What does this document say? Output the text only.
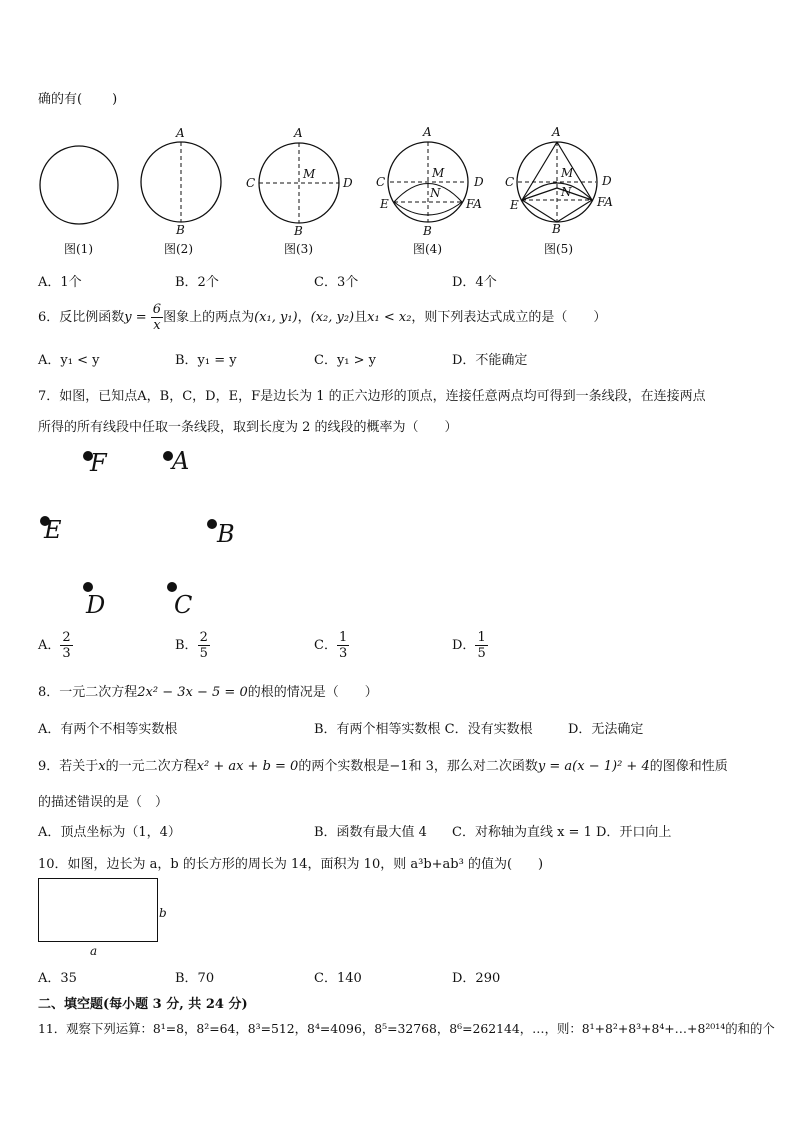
确的有( )
A
B
A
C
M
D
B
A
C
M
D
N
E	FA
B
A
C
M
D
N
E	FA
B
图(1)	图(2)	图(3)	图(4)	图(5)
A．1个	B．2个	C．3个	D．4个
6．反比例函数$y = \frac{6}{x}$ 图象上的两点为(x₁, y₁)，(x₂, y₂)且x₁ < x₂，则下列表达式成立的是（　　）
A．y₁ < y	B．y₁ = y	C．y₁ > y	D．不能确定
7．如图，已知点A，B，C，D，E，F是边长为 1 的正六边形的顶点，连接任意两点均可得到一条线段，在连接两点
所得的所有线段中任取一条线段，取到长度为 2 的线段的概率为（　　）
F	A
E	B
D	C
A． $\frac{2}{3}$	B． $\frac{2}{5}$	C． $\frac{1}{3}$	D． $\frac{1}{5}$
8．一元二次方程2x² − 3x − 5 = 0的根的情况是（　　）
A．有两个不相等实数根	B．有两个相等实数根 C．没有实数根	D．无法确定
9．若关于x的一元二次方程x² + ax + b = 0的两个实数根是−1和 3，那么对二次函数y = a(x − 1)² + 4的图像和性质
的描述错误的是（　）
A．顶点坐标为（1，4）	B．函数有最大值 4 C．对称轴为直线 x = 1 D．开口向上
10．如图，边长为 a，b 的长方形的周长为 14，面积为 10，则 a³b+ab³ 的值为(　　)
b
a
A．35	B．70	C．140	D．290
二、填空题(每小题 3 分, 共 24 分)
11．观察下列运算：8¹=8，8²=64，8³=512，8⁴=4096，8⁵=32768，8⁶=262144，…，则：8¹+8²+8³+8⁴+…+8²⁰¹⁴的和的个
